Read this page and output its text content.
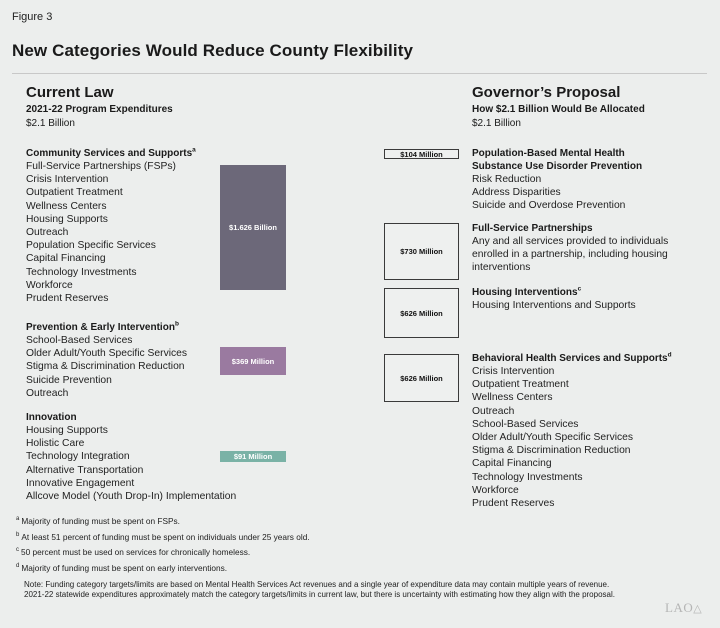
Figure 3
New Categories Would Reduce County Flexibility
Current Law
2021-22 Program Expenditures
$2.1 Billion
Community Services and Supports$^a$
Full-Service Partnerships (FSPs)
Crisis Intervention
Outpatient Treatment
Wellness Centers
Housing Supports
Outreach
Population Specific Services
Capital Financing
Technology Investments
Workforce
Prudent Reserves
$1.626 Billion
Prevention & Early Intervention$^b$
School-Based Services
Older Adult/Youth Specific Services
Stigma & Discrimination Reduction
Suicide Prevention
Outreach
$369 Million
Innovation
Housing Supports
Holistic Care
Technology Integration
Alternative Transportation
Innovative Engagement
Allcove Model (Youth Drop-In) Implementation
$91 Million
Governor’s Proposal
How $2.1 Billion Would Be Allocated
$2.1 Billion
$104 Million	Population-Based Mental Health
Substance Use Disorder Prevention
Risk Reduction
Address Disparities
Suicide and Overdose Prevention
$730 Million
Full-Service Partnerships
Any and all services provided to individuals enrolled in a partnership, including housing interventions
$626 Million
Housing Interventions$^c$
Housing Interventions and Supports
$626 Million
Behavioral Health Services and Supports$^d$
Crisis Intervention
Outpatient Treatment
Wellness Centers
Outreach
School-Based Services
Older Adult/Youth Specific Services
Stigma & Discrimination Reduction
Capital Financing
Technology Investments
Workforce
Prudent Reserves
$^a$ Majority of funding must be spent on FSPs.
$^b$ At least 51 percent of funding must be spent on individuals under 25 years old.
$^c$ 50 percent must be used on services for chronically homeless.
$^d$ Majority of funding must be spent on early interventions.
Note: Funding category targets/limits are based on Mental Health Services Act revenues and a single year of expenditure data may contain multiple years of revenue. 2021-22 statewide expenditures approximately match the category targets/limits in current law, but there is uncertainty with estimating how they align with the proposal.
LAO△
